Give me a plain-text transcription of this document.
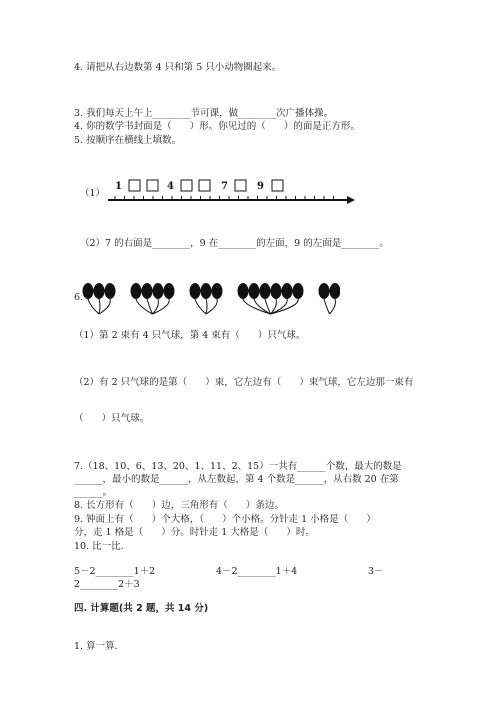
4. 请把从右边数第 4 只和第 5 只小动物圈起来。
3. 我们每天上午上________节可课，做________次广播体操。
4. 你的数学书封面是（      ）形。你见过的（      ）的面是正方形。
5. 按顺序在横线上填数。
（1）
1	4	7	9
（2）7 的右面是________，9 在________的左面，9 的左面是________。
6.
（1）第 2 束有 4 只气球，第 4 束有（      ）只气球。
（2）有 2 只气球的是第（      ）束，它左边有（      ）束气球，它左边那一束有
（      ）只气球。
7.（18、10、6、13、20、1、11、2、15）一共有______个数，最大的数是
______，最小的数是______，从左数起，第 4 个数是______，从右数 20 在第
______。
8. 长方形有（      ）边，三角形有（      ）条边。
9. 钟面上有（      ）个大格，（      ）个小格。分针走 1 小格是（      ）
分，走 1 格是（      ）分。时针走 1 大格是（      ）时。
10. 比一比.
5－2________1＋2	4－2________1＋4	3－
2________2＋3
四. 计算题(共 2 题，共 14 分)
1. 算一算.
